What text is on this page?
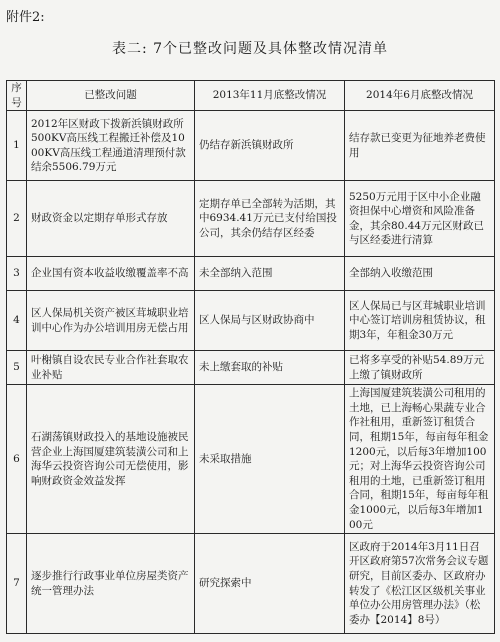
附件2:
表二: 7个已整改问题及具体整改情况清单
序号	已整改问题	2013年11月底整改情况	2014年6月底整改情况
1	2012年区财政下拨新浜镇财政所500KV高压线工程搬迁补偿及1000KV高压线工程通道清理预付款结余5506.79万元	仍结存新浜镇财政所	结存款已变更为征地养老费使用
2	财政资金以定期存单形式存放	定期存单已全部转为活期，其中6934.41万元已支付给国投公司，其余仍结存区经委	5250万元用于区中小企业融资担保中心增资和风险准备金，其余80.44万元区财政已与区经委进行清算
3	企业国有资本收益收缴覆盖率不高	未全部纳入范围	全部纳入收缴范围
4	区人保局机关资产被区茸城职业培训中心作为办公培训用房无偿占用	区人保局与区财政协商中	区人保局已与区茸城职业培训中心签订培训房租赁协议，租期3年，年租金30万元
5	叶榭镇自设农民专业合作社套取农业补贴	未上缴套取的补贴	已将多享受的补贴54.89万元上缴了镇财政所
6	石湖荡镇财政投入的基地设施被民营企业上海国厦建筑装潢公司和上海华云投资咨询公司无偿使用，影响财政资金效益发挥	未采取措施	上海国厦建筑装潢公司租用的土地，已上海畅心果蔬专业合作社租用，重新签订租赁合同，租期15年，每亩每年租金1200元，以后每3年增加100元；对上海华云投资咨询公司租用的土地，已重新签订租用合同，租期15年，每亩每年租金1000元，以后每3年增加100元
7	逐步推行行政事业单位房屋类资产统一管理办法	研究探索中	区政府于2014年3月11日召开区政府第57次常务会议专题研究，目前区委办、区政府办转发了《松江区区级机关事业单位办公用房管理办法》（松委办【2014】8号）
